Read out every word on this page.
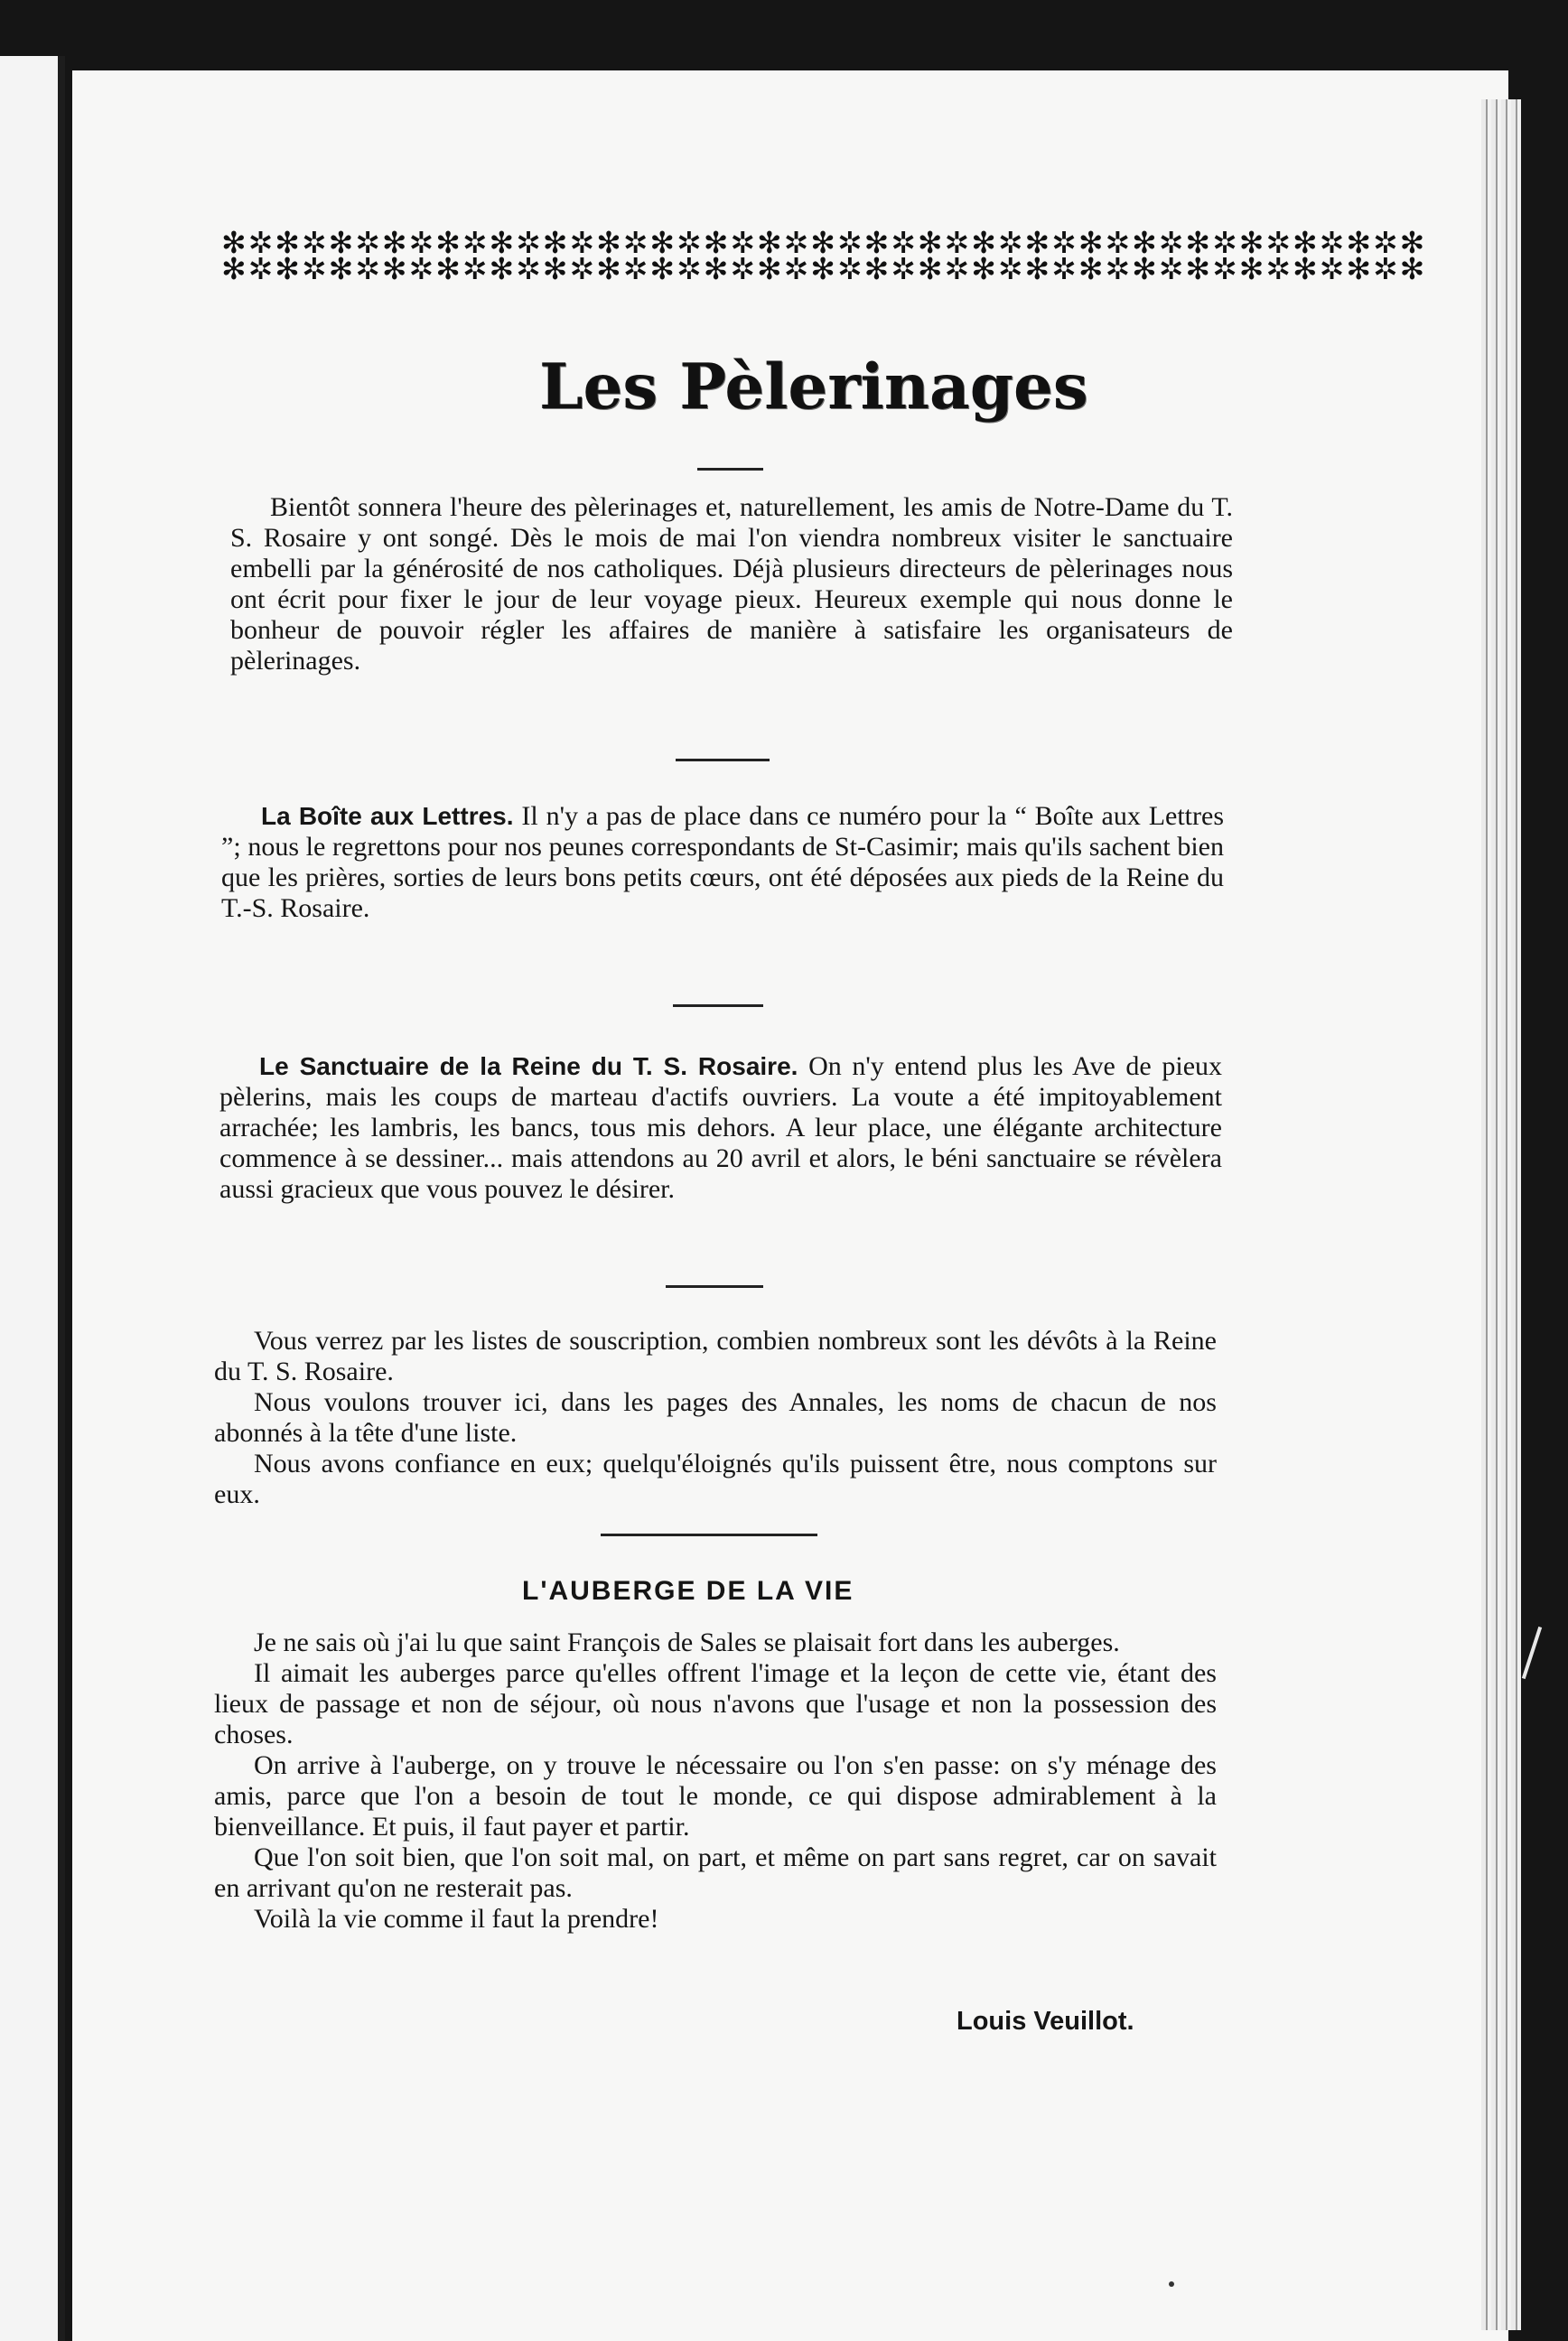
✻✲✻✲✻✲✻✲✻✲✻✲✻✲✻✲✻✲✻✲✻✲✻✲✻✲✻✲✻✲✻✲✻✲✻✲✻✲✻✲✻✲✻✲✻
✻✲✻✲✻✲✻✲✻✲✻✲✻✲✻✲✻✲✻✲✻✲✻✲✻✲✻✲✻✲✻✲✻✲✻✲✻✲✻✲✻✲✻✲✻
Les Pèlerinages

Bientôt sonnera l'heure des pèlerinages et, naturellement, les amis de Notre-Dame du T. S. Rosaire y ont songé. Dès le mois de mai l'on viendra nombreux visiter le sanctuaire embelli par la générosité de nos catholiques. Déjà plusieurs directeurs de pèlerinages nous ont écrit pour fixer le jour de leur voyage pieux. Heureux exemple qui nous donne le bonheur de pouvoir régler les affaires de manière à satisfaire les organisateurs de pèlerinages.

La Boîte aux Lettres. Il n'y a pas de place dans ce numéro pour la “ Boîte aux Lettres ”; nous le regrettons pour nos peunes correspondants de St-Casimir; mais qu'ils sachent bien que les prières, sorties de leurs bons petits cœurs, ont été déposées aux pieds de la Reine du T.-S. Rosaire.

Le Sanctuaire de la Reine du T. S. Rosaire. On n'y entend plus les Ave de pieux pèlerins, mais les coups de marteau d'actifs ouvriers. La voute a été impitoyablement arrachée; les lambris, les bancs, tous mis dehors. A leur place, une élégante architecture commence à se dessiner... mais attendons au 20 avril et alors, le béni sanctuaire se révèlera aussi gracieux que vous pouvez le désirer.

Vous verrez par les listes de souscription, combien nombreux sont les dévôts à la Reine du T. S. Rosaire.

Nous voulons trouver ici, dans les pages des Annales, les noms de chacun de nos abonnés à la tête d'une liste.

Nous avons confiance en eux; quelqu'éloignés qu'ils puissent être, nous comptons sur eux.

L'AUBERGE DE LA VIE

Je ne sais où j'ai lu que saint François de Sales se plaisait fort dans les auberges.

Il aimait les auberges parce qu'elles offrent l'image et la leçon de cette vie, étant des lieux de passage et non de séjour, où nous n'avons que l'usage et non la possession des choses.

On arrive à l'auberge, on y trouve le nécessaire ou l'on s'en passe: on s'y ménage des amis, parce que l'on a besoin de tout le monde, ce qui dispose admirablement à la bienveillance. Et puis, il faut payer et partir.

Que l'on soit bien, que l'on soit mal, on part, et même on part sans regret, car on savait en arrivant qu'on ne resterait pas.

Voilà la vie comme il faut la prendre!

Louis Veuillot.
